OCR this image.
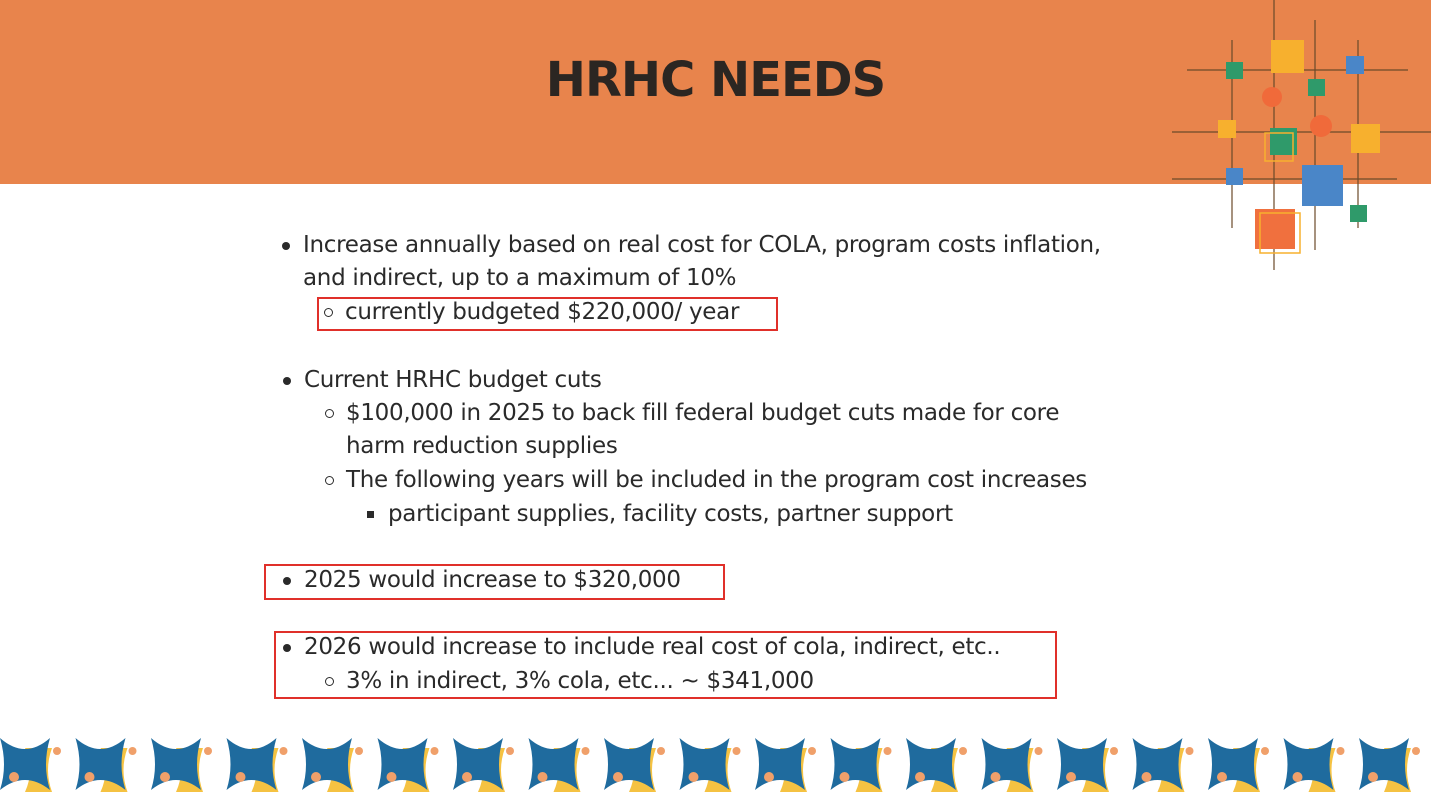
HRHC NEEDS
Increase annually based on real cost for COLA, program costs inflation,
and indirect, up to a maximum of 10%
currently budgeted $220,000/ year
Current HRHC budget cuts
$100,000 in 2025 to back fill federal budget cuts made for core
harm reduction supplies
The following years will be included in the program cost increases
participant supplies, facility costs, partner support
2025 would increase to $320,000
2026 would increase to include real cost of cola, indirect, etc..
3% in indirect, 3% cola, etc... ~ $341,000
